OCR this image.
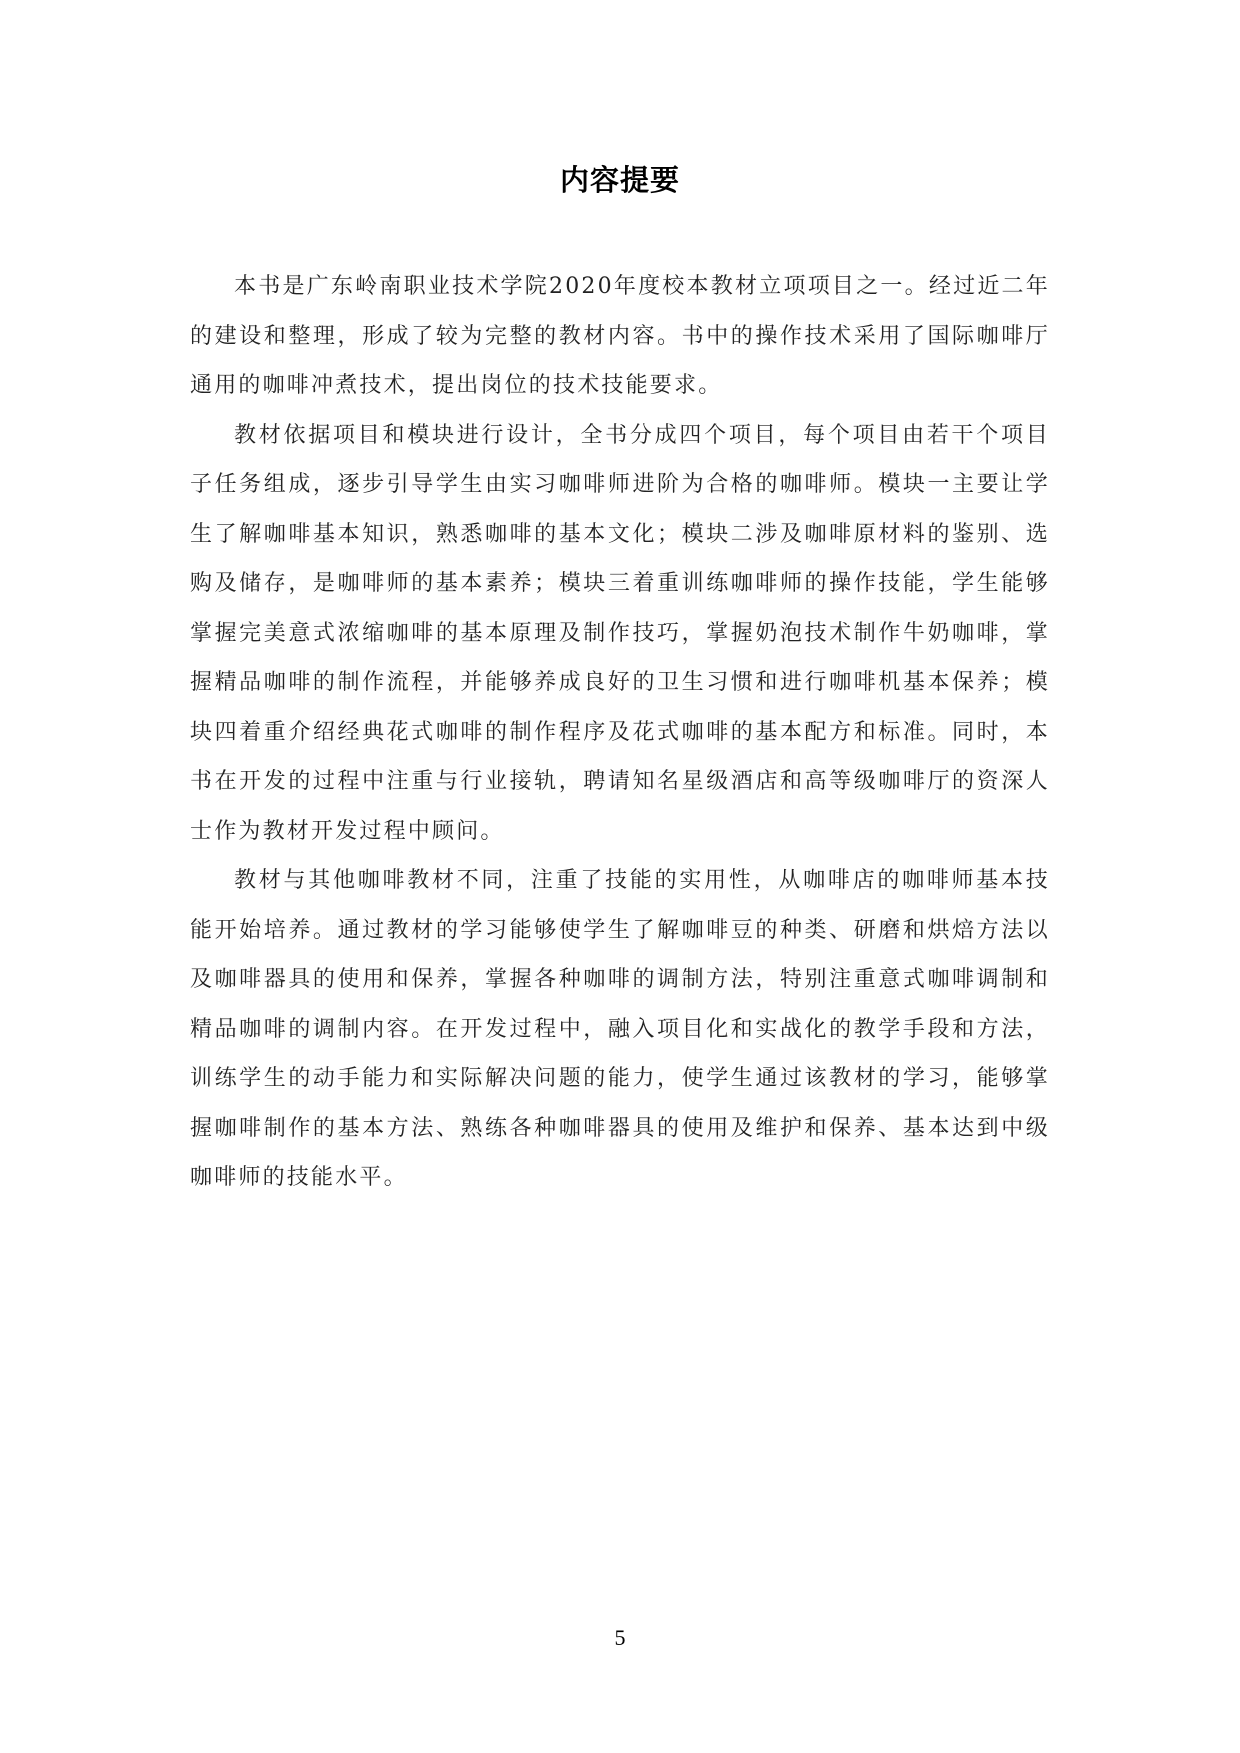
内容提要

本书是广东岭南职业技术学院2020年度校本教材立项项目之一。经过近二年的建设和整理，形成了较为完整的教材内容。书中的操作技术采用了国际咖啡厅通用的咖啡冲煮技术，提出岗位的技术技能要求。

教材依据项目和模块进行设计，全书分成四个项目，每个项目由若干个项目子任务组成，逐步引导学生由实习咖啡师进阶为合格的咖啡师。模块一主要让学生了解咖啡基本知识，熟悉咖啡的基本文化；模块二涉及咖啡原材料的鉴别、选购及储存，是咖啡师的基本素养；模块三着重训练咖啡师的操作技能，学生能够掌握完美意式浓缩咖啡的基本原理及制作技巧，掌握奶泡技术制作牛奶咖啡，掌握精品咖啡的制作流程，并能够养成良好的卫生习惯和进行咖啡机基本保养；模块四着重介绍经典花式咖啡的制作程序及花式咖啡的基本配方和标准。同时，本书在开发的过程中注重与行业接轨，聘请知名星级酒店和高等级咖啡厅的资深人士作为教材开发过程中顾问。

教材与其他咖啡教材不同，注重了技能的实用性，从咖啡店的咖啡师基本技能开始培养。通过教材的学习能够使学生了解咖啡豆的种类、研磨和烘焙方法以及咖啡器具的使用和保养，掌握各种咖啡的调制方法，特别注重意式咖啡调制和精品咖啡的调制内容。在开发过程中，融入项目化和实战化的教学手段和方法，训练学生的动手能力和实际解决问题的能力，使学生通过该教材的学习，能够掌握咖啡制作的基本方法、熟练各种咖啡器具的使用及维护和保养、基本达到中级咖啡师的技能水平。

5
